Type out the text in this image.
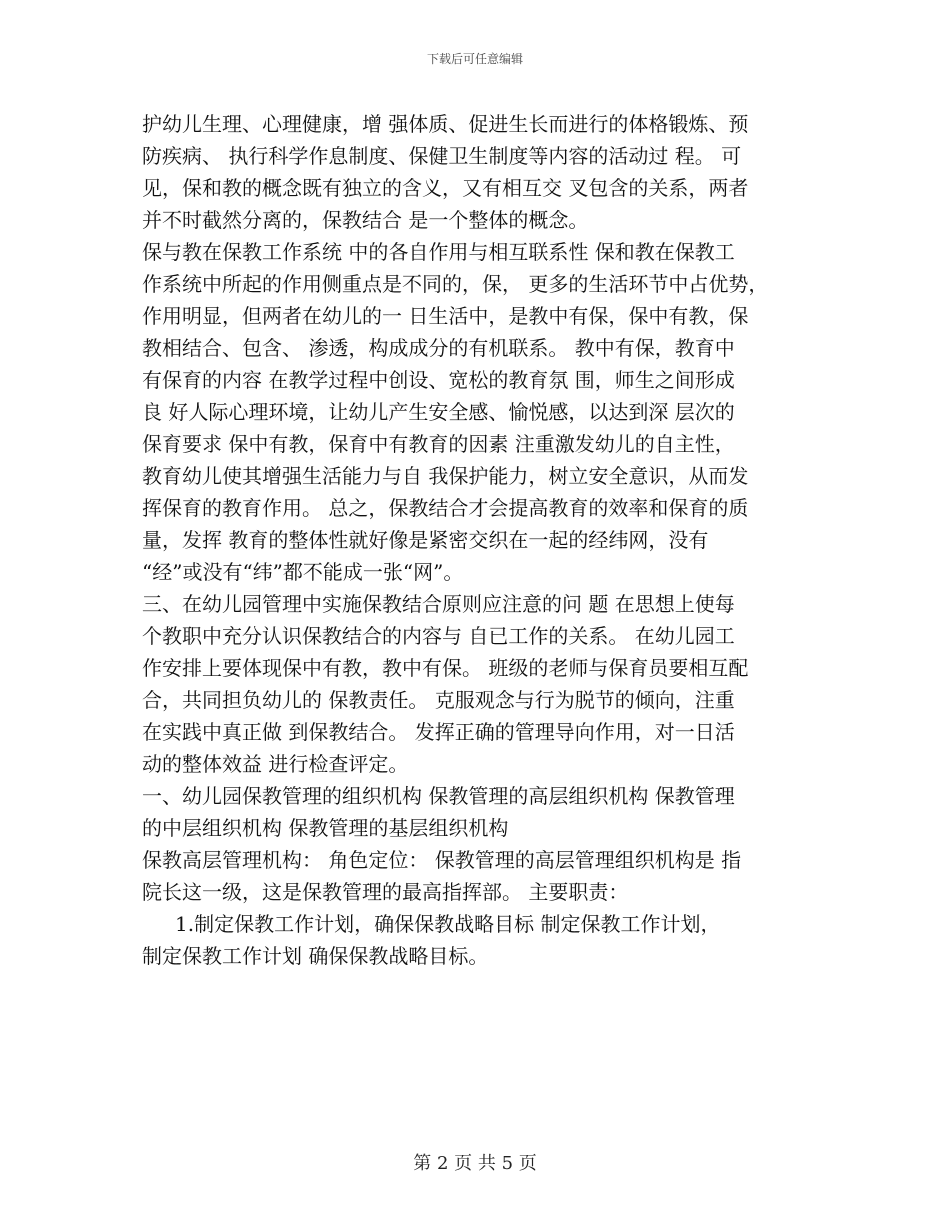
下载后可任意编辑
护幼儿生理、心理健康，增 强体质、促进生长而进行的体格锻炼、预
防疾病、 执行科学作息制度、保健卫生制度等内容的活动过 程。 可
见，保和教的概念既有独立的含义，又有相互交 叉包含的关系，两者
并不时截然分离的，保教结合 是一个整体的概念。
保与教在保教工作系统 中的各自作用与相互联系性 保和教在保教工
作系统中所起的作用侧重点是不同的，保， 更多的生活环节中占优势，
作用明显，但两者在幼儿的一 日生活中，是教中有保，保中有教，保
教相结合、包含、 渗透，构成成分的有机联系。 教中有保，教育中
有保育的内容 在教学过程中创设、宽松的教育氛 围，师生之间形成
良 好人际心理环境，让幼儿产生安全感、愉悦感，以达到深 层次的
保育要求 保中有教，保育中有教育的因素 注重激发幼儿的自主性，
教育幼儿使其增强生活能力与自 我保护能力，树立安全意识，从而发
挥保育的教育作用。 总之，保教结合才会提高教育的效率和保育的质
量，发挥 教育的整体性就好像是紧密交织在一起的经纬网，没有
“经”或没有“纬”都不能成一张“网”。
三、在幼儿园管理中实施保教结合原则应注意的问 题 在思想上使每
个教职中充分认识保教结合的内容与 自已工作的关系。 在幼儿园工
作安排上要体现保中有教，教中有保。 班级的老师与保育员要相互配
合，共同担负幼儿的 保教责任。 克服观念与行为脱节的倾向，注重
在实践中真正做 到保教结合。 发挥正确的管理导向作用，对一日活
动的整体效益 进行检查评定。
一、幼儿园保教管理的组织机构 保教管理的高层组织机构 保教管理
的中层组织机构 保教管理的基层组织机构
保教高层管理机构： 角色定位： 保教管理的高层管理组织机构是 指
院长这一级，这是保教管理的最高指挥部。 主要职责：
1.制定保教工作计划，确保保教战略目标 制定保教工作计划，
制定保教工作计划 确保保教战略目标。
第 2 页 共 5 页
